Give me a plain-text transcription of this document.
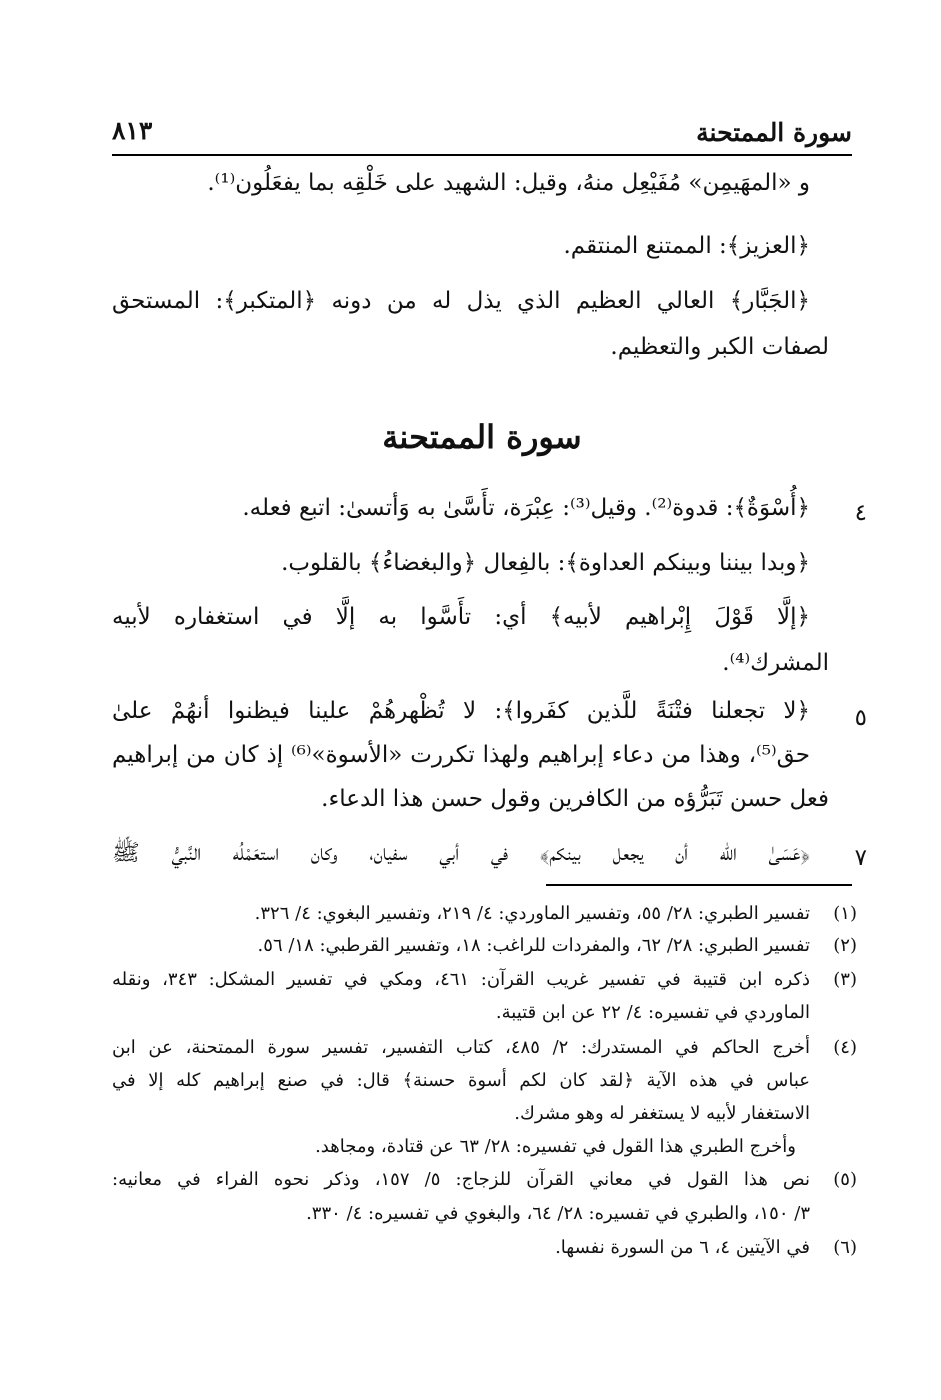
سورة الممتحنة
٨١٣
و «المهَيمِن» مُفَيْعِل منهُ، وقيل: الشهيد على خَلْقِه بما يفعَلُون⁽¹⁾.
﴿العزيز﴾: الممتنع المنتقم.
﴿الجَبَّار﴾ العالي العظيم الذي يذل له من دونه ﴿المتكبر﴾: المستحق
لصفات الكبر والتعظيم.
سورة الممتحنة
٤
﴿أُسْوَةٌ﴾: قدوة⁽²⁾. وقيل⁽³⁾: عِبْرَة، تأَسَّىٰ به وَأتسىٰ: اتبع فعله.
﴿وبدا بيننا وبينكم العداوة﴾: بالفِعال ﴿والبغضاءُ﴾ بالقلوب.
﴿إلَّا قَوْلَ إِبْراهيم لأبيه﴾ أي: تأَسَّوا به إلَّا في استغفاره لأبيه
المشرك⁽⁴⁾.
٥
﴿لا تجعلنا فتْنَةً للَّذين كفَروا﴾: لا تُظْهرهُمْ علينا فيظنوا أنهُمْ علىٰ
حق⁽⁵⁾، وهذا من دعاء إبراهيم ولهذا تكررت «الأسوة»⁽⁶⁾ إذ كان من إبراهيم
فعل حسن تَبَرُّؤه من الكافرين وقول حسن هذا الدعاء.
٧
﴿عَسَىٰ الله أن يجعل بينكم﴾ في أبي سفيان، وكان استعَمْلُه النَّبيُّ ﷺ
(١)
تفسير الطبري: ٢٨/ ٥٥، وتفسير الماوردي: ٤/ ٢١٩، وتفسير البغوي: ٤/ ٣٢٦.
(٢)
تفسير الطبري: ٢٨/ ٦٢، والمفردات للراغب: ١٨، وتفسير القرطبي: ١٨/ ٥٦.
(٣)
ذكره ابن قتيبة في تفسير غريب القرآن: ٤٦١، ومكي في تفسير المشكل: ٣٤٣، ونقله
الماوردي في تفسيره: ٤/ ٢٢ عن ابن قتيبة.
(٤)
أخرج الحاكم في المستدرك: ٢/ ٤٨٥، كتاب التفسير، تفسير سورة الممتحنة، عن ابن
عباس في هذه الآية ﴿لقد كان لكم أسوة حسنة﴾ قال: في صنع إبراهيم كله إلا في
الاستغفار لأبيه لا يستغفر له وهو مشرك.
وأخرج الطبري هذا القول في تفسيره: ٢٨/ ٦٣ عن قتادة، ومجاهد.
(٥)
نص هذا القول في معاني القرآن للزجاج: ٥/ ١٥٧، وذكر نحوه الفراء في معانيه:
٣/ ١٥٠، والطبري في تفسيره: ٢٨/ ٦٤، والبغوي في تفسيره: ٤/ ٣٣٠.
(٦)
في الآيتين ٤، ٦ من السورة نفسها.
